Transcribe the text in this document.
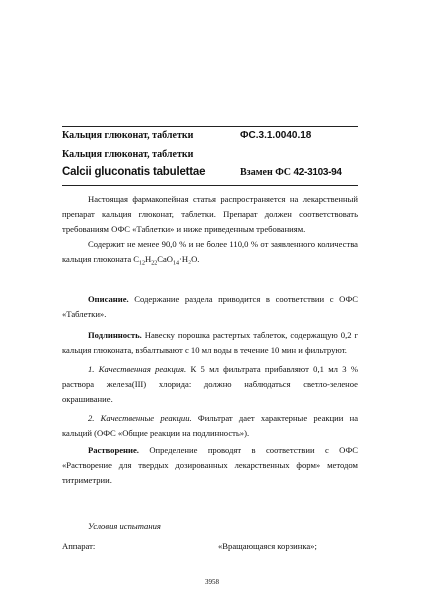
Кальция глюконат, таблетки	ФС.3.1.0040.18
Кальция глюконат, таблетки
Calcii gluconatis tabulettae	Взамен ФС 42-3103-94

Настоящая фармакопейная статья распространяется на лекарственный препарат кальция глюконат, таблетки. Препарат должен соответствовать требованиям ОФС «Таблетки» и ниже приведенным требованиям.

Содержит не менее 90,0 % и не более 110,0 % от заявленного количества кальция глюконата $C_{12}H_{22}CaO_{14}\cdot H_2O$.

Описание. Содержание раздела приводится в соответствии с ОФС «Таблетки».

Подлинность. Навеску порошка растертых таблеток, содержащую 0,2 г кальция глюконата, взбалтывают с 10 мл воды в течение 10 мин и фильтруют.

1. Качественная реакция. К 5 мл фильтрата прибавляют 0,1 мл 3 % раствора железа(III) хлорида: должно наблюдаться светло-зеленое окрашивание.

2. Качественные реакции. Фильтрат дает характерные реакции на кальций (ОФС «Общие реакции на подлинность»).

Растворение. Определение проводят в соответствии с ОФС «Растворение для твердых дозированных лекарственных форм» методом титриметрии.

Условия испытания
Аппарат:	«Вращающаяся корзинка»;
3958
